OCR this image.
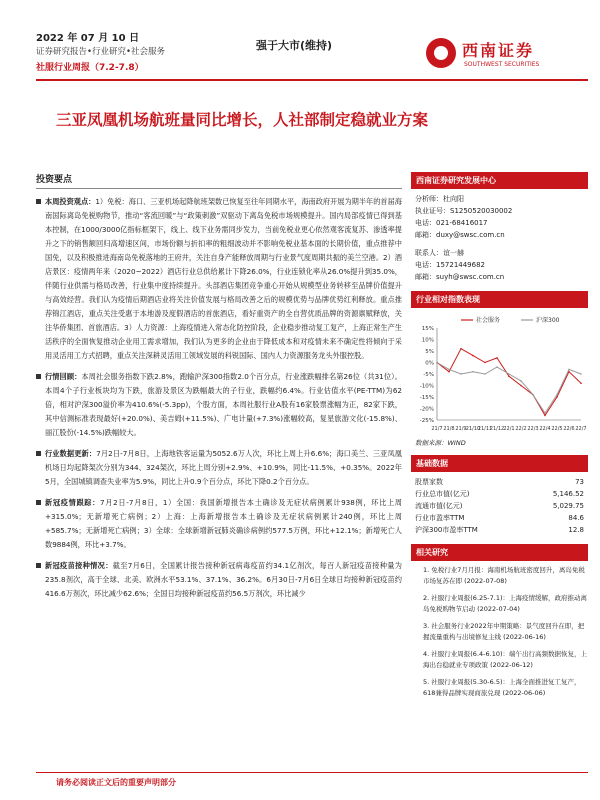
2022 年 07 月 10 日
证券研究报告•行业研究•社会服务
社服行业周报（7.2-7.8）
强于大市(维持)	西南证券
SOUTHWEST SECURITIES
三亚凤凰机场航班量同比增长，人社部制定稳就业方案
投资要点
本周投资观点：1）免税：海口、三亚机场起降航班架数已恢复至往年同期水平，海南政府开展为期半年的首届海南国际离岛免税购物节，推动“客流回暖”与“政策刺激”双驱动下离岛免税市场规模提升。国内局部疫情已得到基本控制，在1000/3000亿指标框架下，线上、线下业务需同步发力，当前免税业更心依然观客流复苏、渗透率提升之下的销售额回归高增速区间，市场份额与折扣率的粗细波动并不影响免税业基本面的长期价值，重点推荐中国免，以及积极推进海南岛免税落地的王府井，关注自身产能释放周期与行业景气度周期共振的美兰空港。2）酒店景区：疫情两年来（2020~2022）酒店行业总供给累计下降26.0%，行业连锁化率从26.0%提升到35.0%，伴随行业供需与格局改善，行业集中度持续提升。头部酒店集团竞争重心开始从规模型业务转移至品牌价值提升与高效经营。我们认为疫情后期酒店业将关注价值发展与格局改善之后的规模优势与品牌优势红利释放。重点推荐锦江酒店，重点关注受惠于本地游及度假酒店的首旅酒店，看好重资产的全自营优质品牌的资源禀赋释放，关注华侨集团、首旅酒店。3）人力资源：上海疫情进入常态化防控阶段，企业稳步推动复工复产，上海正常生产生活秩序的全面恢复推动企业用工需求增加，我们认为更多的企业由于降低成本和对疫情未来不确定性将倾向于采用灵活用工方式招聘，重点关注深耕灵活用工领域发展的科锐国际、国内人力资源服务龙头外服控股。
行情回顾：本周社会服务指数下跌2.8%，跑输沪深300指数2.0个百分点，行业涨跌幅排名第26位（共31位）。本周4个子行业板块均为下跌，旅游及景区为跌幅最大的子行业，跌幅约6.4%。行业估值水平(PE-TTM)为62倍，相对沪深300溢价率为410.6%(-5.3pp)，个股方面，本周社服行业A股有16家股票涨幅为正，82家下跌，其中信测标准表现最好(+20.0%)、美吉姆(+11.5%)、广电计量(+7.3%)涨幅较高，复星旅游文化(-15.8%)、丽江股份(-14.5%)跌幅较大。
行业数据更新：7月2日-7月8日，上海地铁客运量为5052.6万人次，环比上周上升6.6%；海口美兰、三亚凤凰机场日均起降架次分别为344、324架次，环比上周分别+2.9%、+10.9%，同比-11.5%、+0.35%。2022年5月，全国城镇调查失业率为5.9%，同比上升0.9个百分点，环比下降0.2个百分点。
新冠疫情跟踪：7月2日-7月8日，1）全国：我国新增报告本土确诊及无症状病例累计938例，环比上周+315.0%；无新增死亡病例；2）上海：上海新增报告本土确诊及无症状病例累计240例，环比上周+585.7%；无新增死亡病例；3）全球：全球新增新冠肺炎确诊病例约577.5万例，环比+12.1%；新增死亡人数9884例，环比+3.7%。
新冠疫苗接种情况：截至7月6日，全国累计报告接种新冠病毒疫苗约34.1亿剂次，每百人新冠疫苗接种量为235.8剂次，高于全球、北美、欧洲水平53.1%、37.1%、36.2%。6月30日-7月6日全球日均接种新冠疫苗约416.6万剂次，环比减少62.6%；全国日均接种新冠疫苗约56.5万剂次，环比减少
西南证券研究发展中心
分析师：杜向阳
执业证号：S1250520030002
电话：021-68416017
邮箱：duxy@swsc.com.cn
联系人：谊一赫
电话：15721449682
邮箱：suyh@swsc.com.cn
行业相对指数表现
15%
10%
5%
0%
-5%
-10%
-15%
-20%
-25%
21/7 21/8 21/9 21/10
21/11
21/12 22/1 22/2 22/3 22/4 22/5 22/6 22/7
社会服务	沪深300
数据来源：WIND
基础数据
股票家数	73
行业总市值(亿元)	5,146.52
流通市值(亿元)	5,029.75
行业市盈率TTM	84.6
沪深300市盈率TTM	12.8
相关研究
1. 免税行业7月月报：海南机场航班密度回升，离岛免税市场复苏在即 (2022-07-08)
2. 社服行业周报(6.25-7.1)：上海疫情缓解，政府推动离岛免税购物节启动 (2022-07-04)
3. 社会服务行业2022年中期策略：景气度回升在即，把握流量重构与出境修复主线 (2022-06-16)
4. 社服行业周报(6.4-6.10)：端午出行高频数据恢复，上海出台稳就业专项政策 (2022-06-12)
5. 社服行业周报(5.30-6.5)：上海全面推进复工复产，618兼得品牌实现商旅兑现 (2022-06-06)
请务必阅读正文后的重要声明部分
